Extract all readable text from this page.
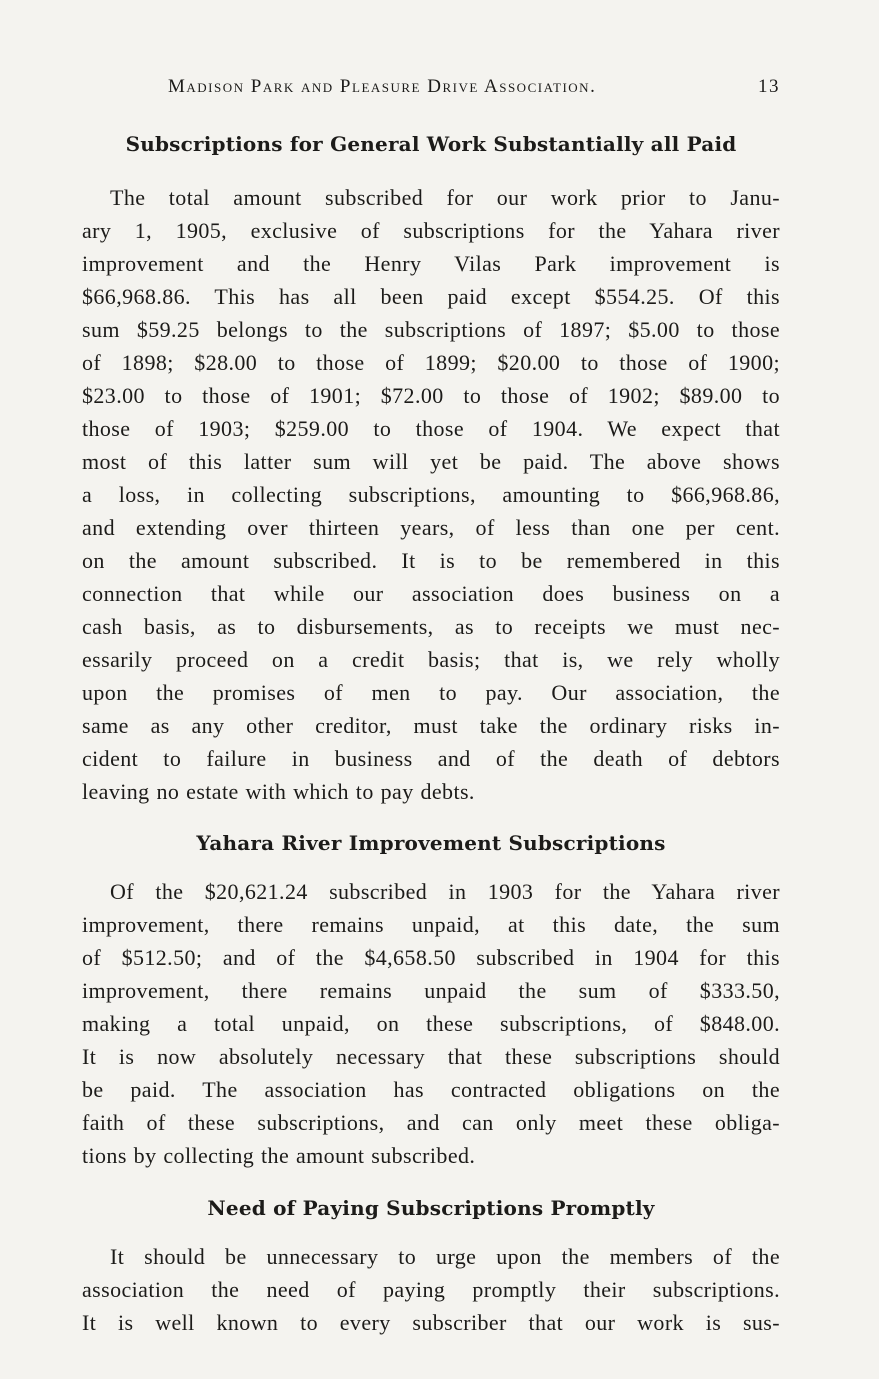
Madison Park and Pleasure Drive Association.	13
Subscriptions for General Work Substantially all Paid
The total amount subscribed for our work prior to Janu-
ary 1, 1905, exclusive of subscriptions for the Yahara river
improvement and the Henry Vilas Park improvement is
$66,968.86. This has all been paid except $554.25. Of this
sum $59.25 belongs to the subscriptions of 1897; $5.00 to those
of 1898; $28.00 to those of 1899; $20.00 to those of 1900;
$23.00 to those of 1901; $72.00 to those of 1902; $89.00 to
those of 1903; $259.00 to those of 1904. We expect that
most of this latter sum will yet be paid. The above shows
a loss, in collecting subscriptions, amounting to $66,968.86,
and extending over thirteen years, of less than one per cent.
on the amount subscribed. It is to be remembered in this
connection that while our association does business on a
cash basis, as to disbursements, as to receipts we must nec-
essarily proceed on a credit basis; that is, we rely wholly
upon the promises of men to pay. Our association, the
same as any other creditor, must take the ordinary risks in-
cident to failure in business and of the death of debtors
leaving no estate with which to pay debts.
Yahara River Improvement Subscriptions
Of the $20,621.24 subscribed in 1903 for the Yahara river
improvement, there remains unpaid, at this date, the sum
of $512.50; and of the $4,658.50 subscribed in 1904 for this
improvement, there remains unpaid the sum of $333.50,
making a total unpaid, on these subscriptions, of $848.00.
It is now absolutely necessary that these subscriptions should
be paid. The association has contracted obligations on the
faith of these subscriptions, and can only meet these obliga-
tions by collecting the amount subscribed.
Need of Paying Subscriptions Promptly
It should be unnecessary to urge upon the members of the
association the need of paying promptly their subscriptions.
It is well known to every subscriber that our work is sus-
